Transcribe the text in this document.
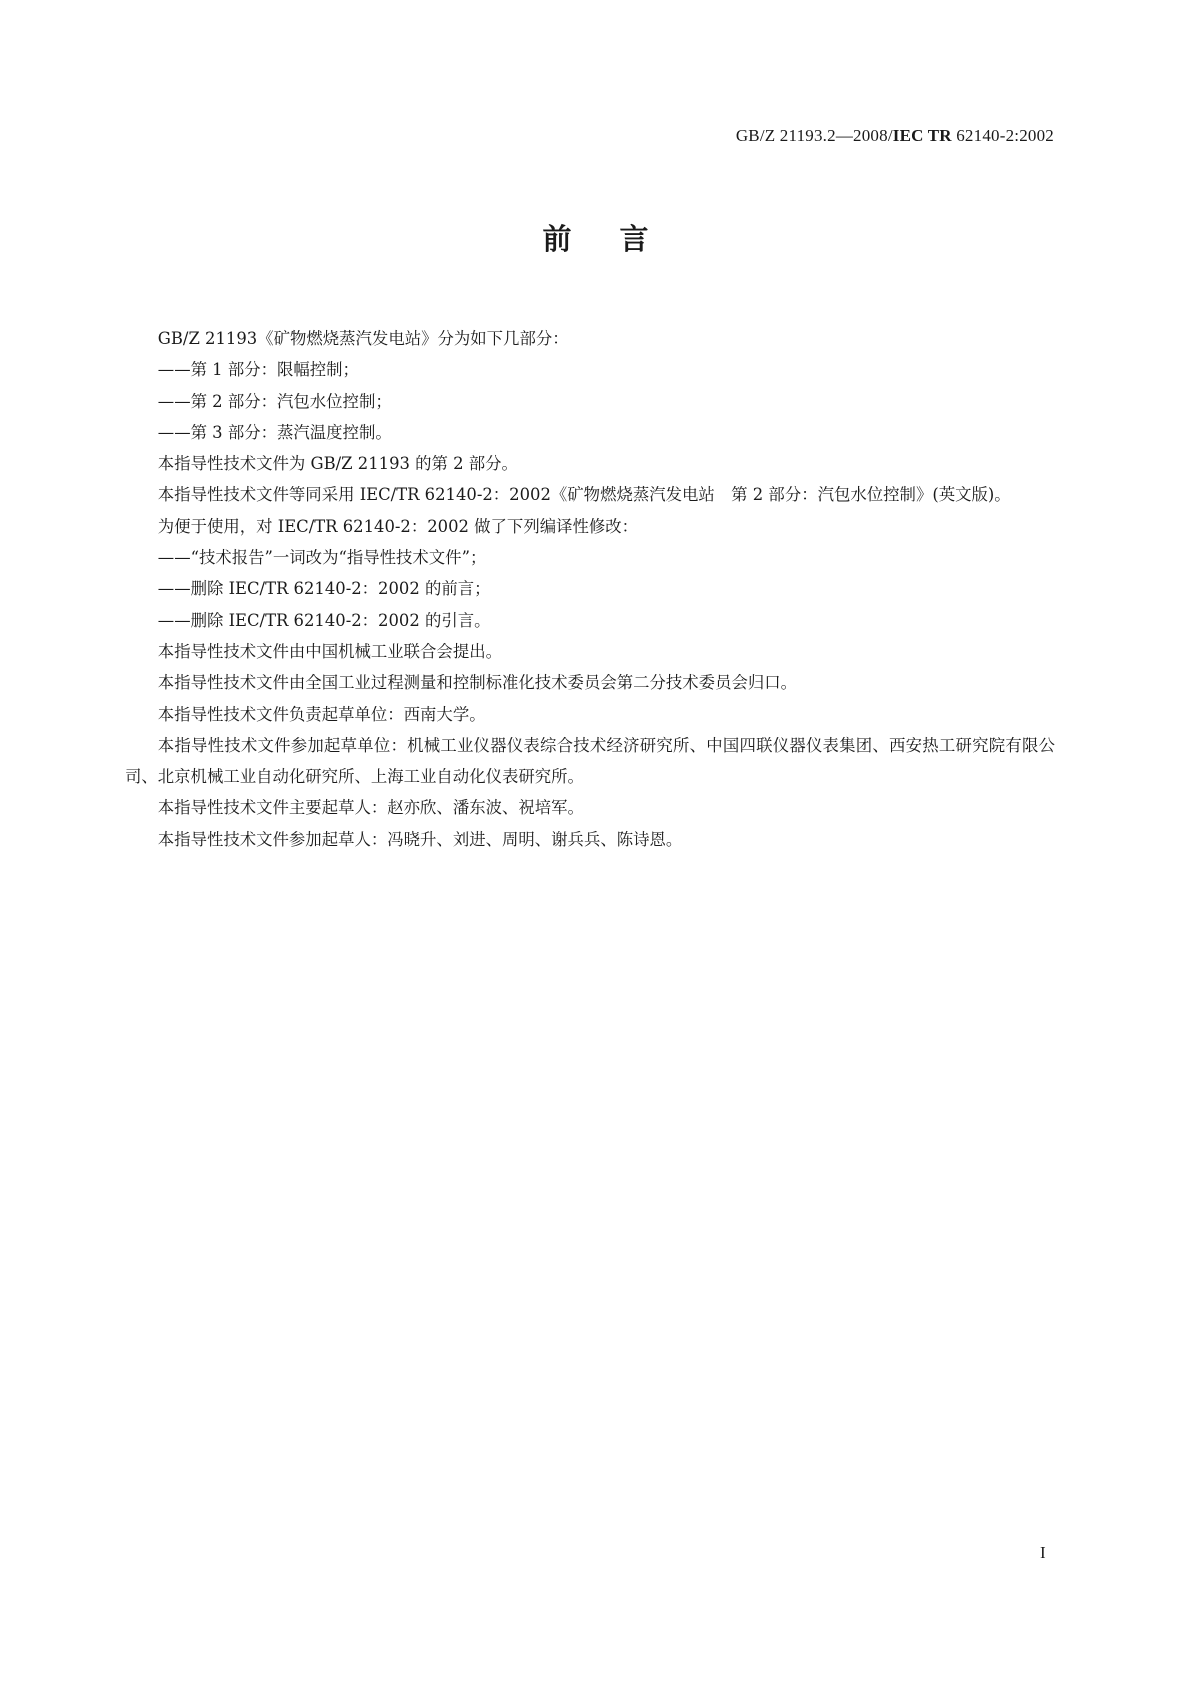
GB/Z 21193.2—2008/IEC TR 62140-2:2002
前言

GB/Z 21193《矿物燃烧蒸汽发电站》分为如下几部分：

——第 1 部分：限幅控制；

——第 2 部分：汽包水位控制；

——第 3 部分：蒸汽温度控制。

本指导性技术文件为 GB/Z 21193 的第 2 部分。

本指导性技术文件等同采用 IEC/TR 62140-2：2002《矿物燃烧蒸汽发电站　第 2 部分：汽包水位控制》(英文版)。

为便于使用，对 IEC/TR 62140-2：2002 做了下列编译性修改：

——“技术报告”一词改为“指导性技术文件”；

——删除 IEC/TR 62140-2：2002 的前言；

——删除 IEC/TR 62140-2：2002 的引言。

本指导性技术文件由中国机械工业联合会提出。

本指导性技术文件由全国工业过程测量和控制标准化技术委员会第二分技术委员会归口。

本指导性技术文件负责起草单位：西南大学。

本指导性技术文件参加起草单位：机械工业仪器仪表综合技术经济研究所、中国四联仪器仪表集团、西安热工研究院有限公司、北京机械工业自动化研究所、上海工业自动化仪表研究所。

本指导性技术文件主要起草人：赵亦欣、潘东波、祝培军。

本指导性技术文件参加起草人：冯晓升、刘进、周明、谢兵兵、陈诗恩。

I
